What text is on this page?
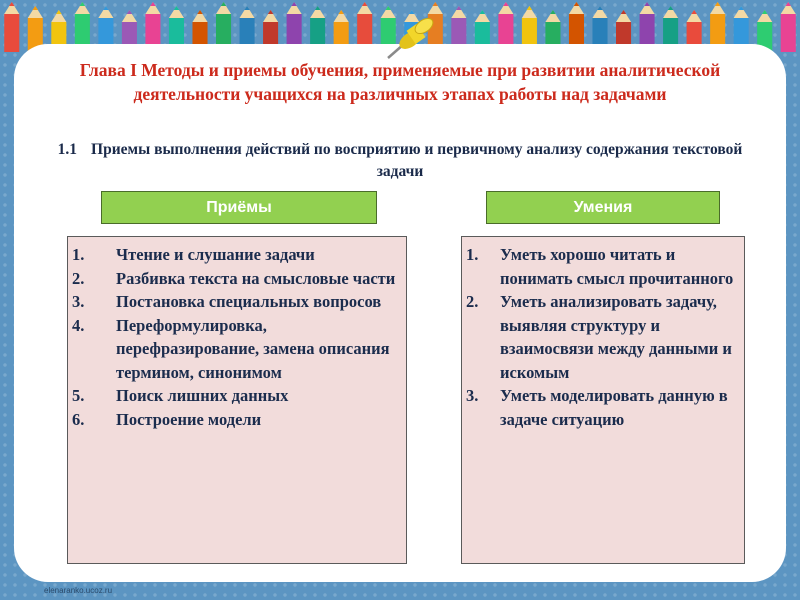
Глава I Методы и приемы обучения, применяемые при развитии аналитической деятельности учащихся на различных этапах работы над задачами
1.1 Приемы выполнения действий по восприятию и первичному анализу содержания текстовой задачи
Приёмы	Умения
1.	Чтение и слушание задачи
2.	Разбивка текста на смысловые части
3.	Постановка специальных вопросов
4.	Переформулировка, перефразирование, замена описания термином, синонимом
5.	Поиск лишних данных
6.	Построение модели
1.	Уметь хорошо читать и понимать смысл прочитанного
2.	Уметь анализировать задачу, выявляя структуру и взаимосвязи между данными и искомым
3.	Уметь моделировать данную в задаче ситуацию
elenaranko.ucoz.ru
